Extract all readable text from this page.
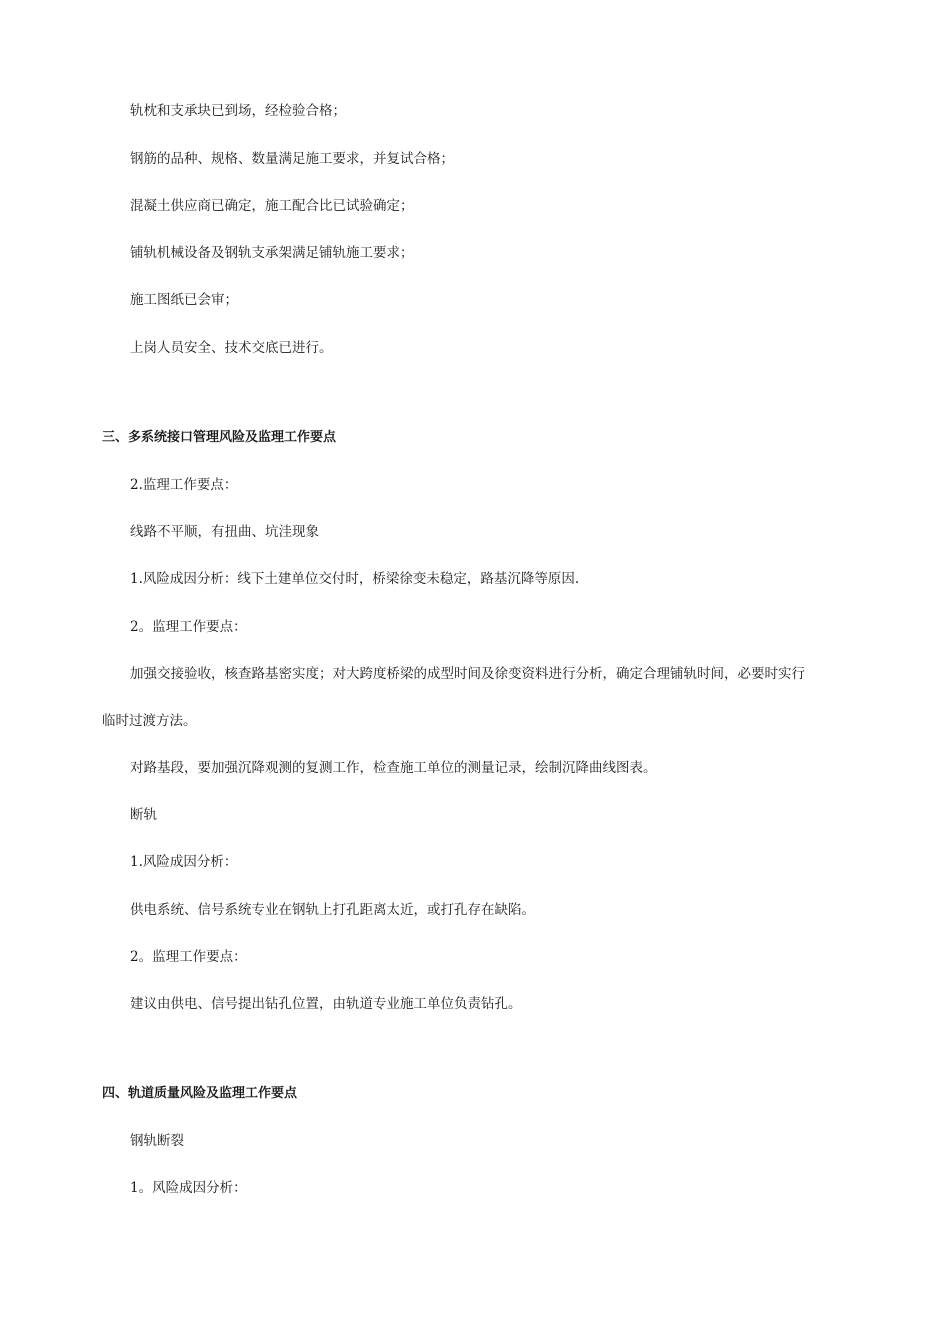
轨枕和支承块已到场，经检验合格；
钢筋的品种、规格、数量满足施工要求，并复试合格；
混凝土供应商已确定，施工配合比已试验确定；
铺轨机械设备及钢轨支承架满足铺轨施工要求；
施工图纸已会审；
上岗人员安全、技术交底已进行。
三、多系统接口管理风险及监理工作要点
2.监理工作要点：
线路不平顺，有扭曲、坑洼现象
1.风险成因分析：线下土建单位交付时，桥梁徐变未稳定，路基沉降等原因.
2。监理工作要点：
加强交接验收，核查路基密实度；对大跨度桥梁的成型时间及徐变资料进行分析，确定合理铺轨时间，必要时实行
临时过渡方法。
对路基段，要加强沉降观测的复测工作，检查施工单位的测量记录，绘制沉降曲线图表。
断轨
1.风险成因分析：
供电系统、信号系统专业在钢轨上打孔距离太近，或打孔存在缺陷。
2。监理工作要点：
建议由供电、信号提出钻孔位置，由轨道专业施工单位负责钻孔。
四、轨道质量风险及监理工作要点
钢轨断裂
1。风险成因分析：
